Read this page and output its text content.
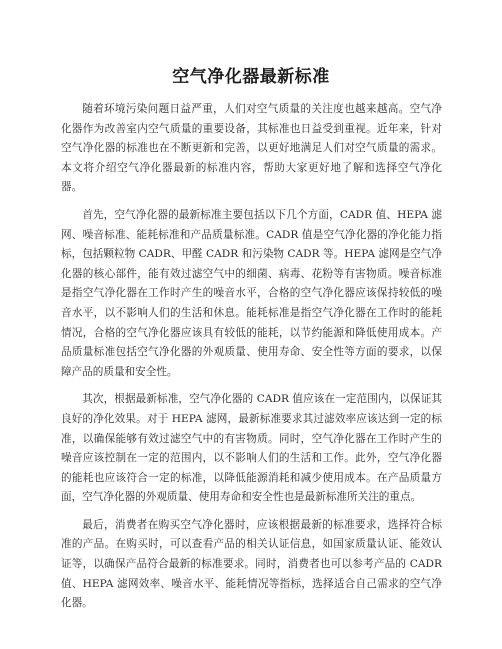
空气净化器最新标准

随着环境污染问题日益严重，人们对空气质量的关注度也越来越高。空气净化器作为改善室内空气质量的重要设备，其标准也日益受到重视。近年来，针对空气净化器的标准也在不断更新和完善，以更好地满足人们对空气质量的需求。本文将介绍空气净化器最新的标准内容，帮助大家更好地了解和选择空气净化器。

首先，空气净化器的最新标准主要包括以下几个方面，CADR 值、HEPA 滤网、噪音标准、能耗标准和产品质量标准。CADR 值是空气净化器的净化能力指标，包括颗粒物 CADR、甲醛 CADR 和污染物 CADR 等。HEPA 滤网是空气净化器的核心部件，能有效过滤空气中的细菌、病毒、花粉等有害物质。噪音标准是指空气净化器在工作时产生的噪音水平，合格的空气净化器应该保持较低的噪音水平，以不影响人们的生活和休息。能耗标准是指空气净化器在工作时的能耗情况，合格的空气净化器应该具有较低的能耗，以节约能源和降低使用成本。产品质量标准包括空气净化器的外观质量、使用寿命、安全性等方面的要求，以保障产品的质量和安全性。

其次，根据最新标准，空气净化器的 CADR 值应该在一定范围内，以保证其良好的净化效果。对于 HEPA 滤网，最新标准要求其过滤效率应该达到一定的标准，以确保能够有效过滤空气中的有害物质。同时，空气净化器在工作时产生的噪音应该控制在一定的范围内，以不影响人们的生活和工作。此外，空气净化器的能耗也应该符合一定的标准，以降低能源消耗和减少使用成本。在产品质量方面，空气净化器的外观质量、使用寿命和安全性也是最新标准所关注的重点。

最后，消费者在购买空气净化器时，应该根据最新的标准要求，选择符合标准的产品。在购买时，可以查看产品的相关认证信息，如国家质量认证、能效认证等，以确保产品符合最新的标准要求。同时，消费者也可以参考产品的 CADR 值、HEPA 滤网效率、噪音水平、能耗情况等指标，选择适合自己需求的空气净化器。
